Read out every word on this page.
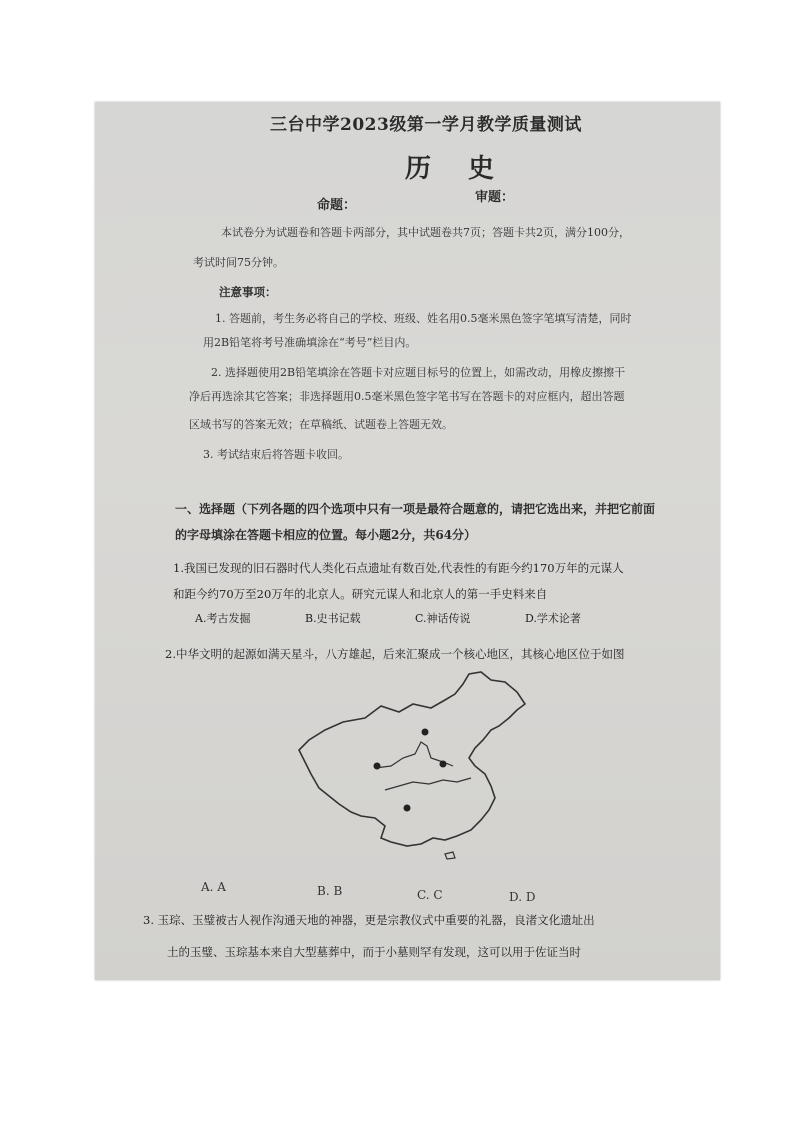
三台中学2023级第一学月教学质量测试
历 史
命题：
审题：
本试卷分为试题卷和答题卡两部分，其中试题卷共7页；答题卡共2页，满分100分，
考试时间75分钟。
注意事项：
1. 答题前，考生务必将自己的学校、班级、姓名用0.5毫米黑色签字笔填写清楚，同时
用2B铅笔将考号准确填涂在“考号”栏目内。
2. 选择题使用2B铅笔填涂在答题卡对应题目标号的位置上，如需改动，用橡皮擦擦干
净后再选涂其它答案；非选择题用0.5毫米黑色签字笔书写在答题卡的对应框内，超出答题
区域书写的答案无效；在草稿纸、试题卷上答题无效。
3. 考试结束后将答题卡收回。
一、选择题（下列各题的四个选项中只有一项是最符合题意的，请把它选出来，并把它前面
的字母填涂在答题卡相应的位置。每小题2分，共64分）
1.我国已发现的旧石器时代人类化石点遗址有数百处,代表性的有距今约170万年的元谋人
和距今约70万至20万年的北京人。研究元谋人和北京人的第一手史料来自
A.考古发掘	B.史书记载	C.神话传说	D.学术论著
2.中华文明的起源如满天星斗，八方雄起，后来汇聚成一个核心地区，其核心地区位于如图
A. A	B. B	C. C	D. D
3. 玉琮、玉璧被古人视作沟通天地的神器，更是宗教仪式中重要的礼器，良渚文化遗址出
土的玉璧、玉琮基本来自大型墓葬中，而于小墓则罕有发现，这可以用于佐证当时
